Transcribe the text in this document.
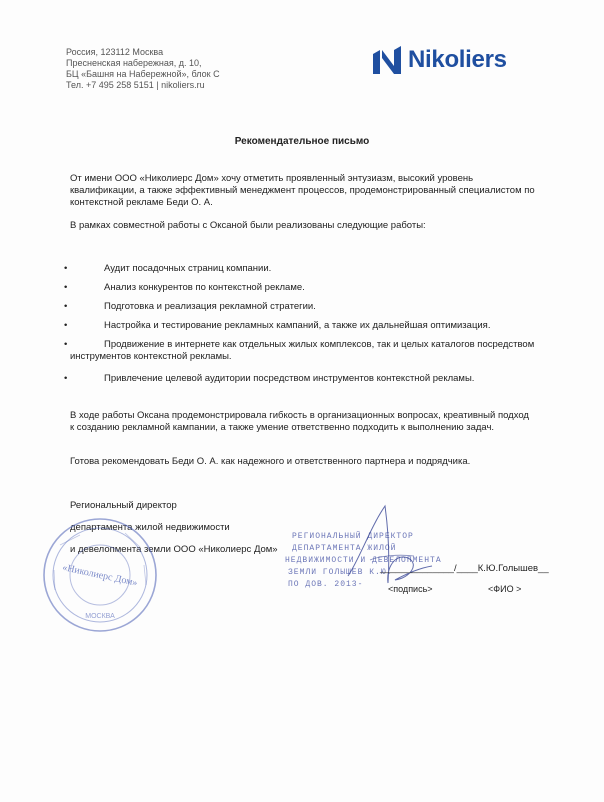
Россия, 123112 Москва
Пресненская набережная, д. 10,
БЦ «Башня на Набережной», блок С
Тел. +7 495 258 5151 | nikoliers.ru
Nikoliers
Рекомендательное письмо
От имени ООО «Николиерс Дом» хочу отметить проявленный энтузиазм, высокий уровень квалификации, а также эффективный менеджмент процессов, продемонстрированный специалистом по контекстной рекламе Беди О. А.
В рамках совместной работы с Оксаной были реализованы следующие работы:
•	Аудит посадочных страниц компании.
•	Анализ конкурентов по контекстной рекламе.
•	Подготовка и реализация рекламной стратегии.
•	Настройка и тестирование рекламных кампаний, а также их дальнейшая оптимизация.
•	Продвижение в интернете как отдельных жилых комплексов, так и целых каталогов посредством инструментов контекстной рекламы.
•	Привлечение целевой аудитории посредством инструментов контекстной рекламы.
В ходе работы Оксана продемонстрировала гибкость в организационных вопросах, креативный подход к созданию рекламной кампании, а также умение ответственно подходить к выполнению задач.
Готова рекомендовать Беди О. А. как надежного и ответственного партнера и подрядчика.
Региональный директор
департамента жилой недвижимости
и девелопмента земли ООО «Николиерс Дом»
«Николиерс Дом»
МОСКВА
РЕГИОНАЛЬНЫЙ ДИРЕКТОР
ДЕПАРТАМЕНТА ЖИЛОЙ
НЕДВИЖИМОСТИ И ДЕВЕЛОПМЕНТА
ЗЕМЛИ ГОЛЫШЕВ К.Ю.
ПО ДОВ. 2013-
______________/____К.Ю.Голышев__
<подпись>	<ФИО >
